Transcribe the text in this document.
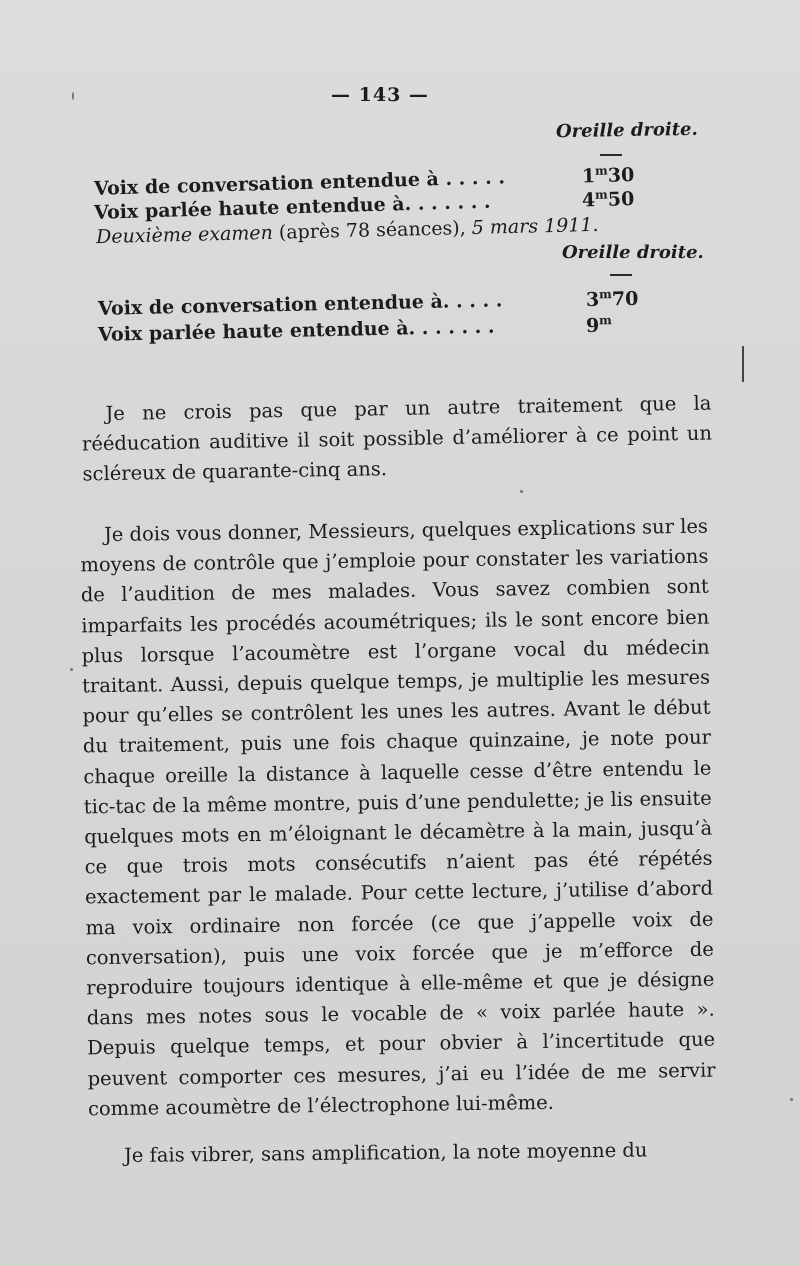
— 143 —
Oreille droite.
Voix de conversation entendue à . . . . .	1$^m$30
Voix parlée haute entendue à. . . . . . .	4$^m$50
Deuxième examen (après 78 séances), 5 mars 1911.
Oreille droite.
Voix de conversation entendue à. . . . .	3$^m$70
Voix parlée haute entendue à. . . . . . .	9$^m$

Je ne crois pas que par un autre traitement que la rééducation auditive il soit possible d’améliorer à ce point un scléreux de quarante-cinq ans.

Je dois vous donner, Messieurs, quelques explications sur les moyens de contrôle que j’emploie pour constater les variations de l’audition de mes malades. Vous savez combien sont imparfaits les procédés acoumétriques; ils le sont encore bien plus lorsque l’acoumètre est l’organe vocal du médecin traitant. Aussi, depuis quelque temps, je multiplie les mesures pour qu’elles se contrôlent les unes les autres. Avant le début du traitement, puis une fois chaque quinzaine, je note pour chaque oreille la distance à laquelle cesse d’être entendu le tic-tac de la même montre, puis d’une pendulette; je lis ensuite quelques mots en m’éloignant le décamètre à la main, jusqu’à ce que trois mots consécutifs n’aient pas été répétés exactement par le malade. Pour cette lecture, j’utilise d’abord ma voix ordinaire non forcée (ce que j’appelle voix de conversation), puis une voix forcée que je m’efforce de reproduire toujours identique à elle-même et que je désigne dans mes notes sous le vocable de « voix parlée haute ». Depuis quelque temps, et pour obvier à l’incertitude que peuvent comporter ces mesures, j’ai eu l’idée de me servir comme acoumètre de l’électrophone lui-même.

Je fais vibrer, sans amplification, la note moyenne du
